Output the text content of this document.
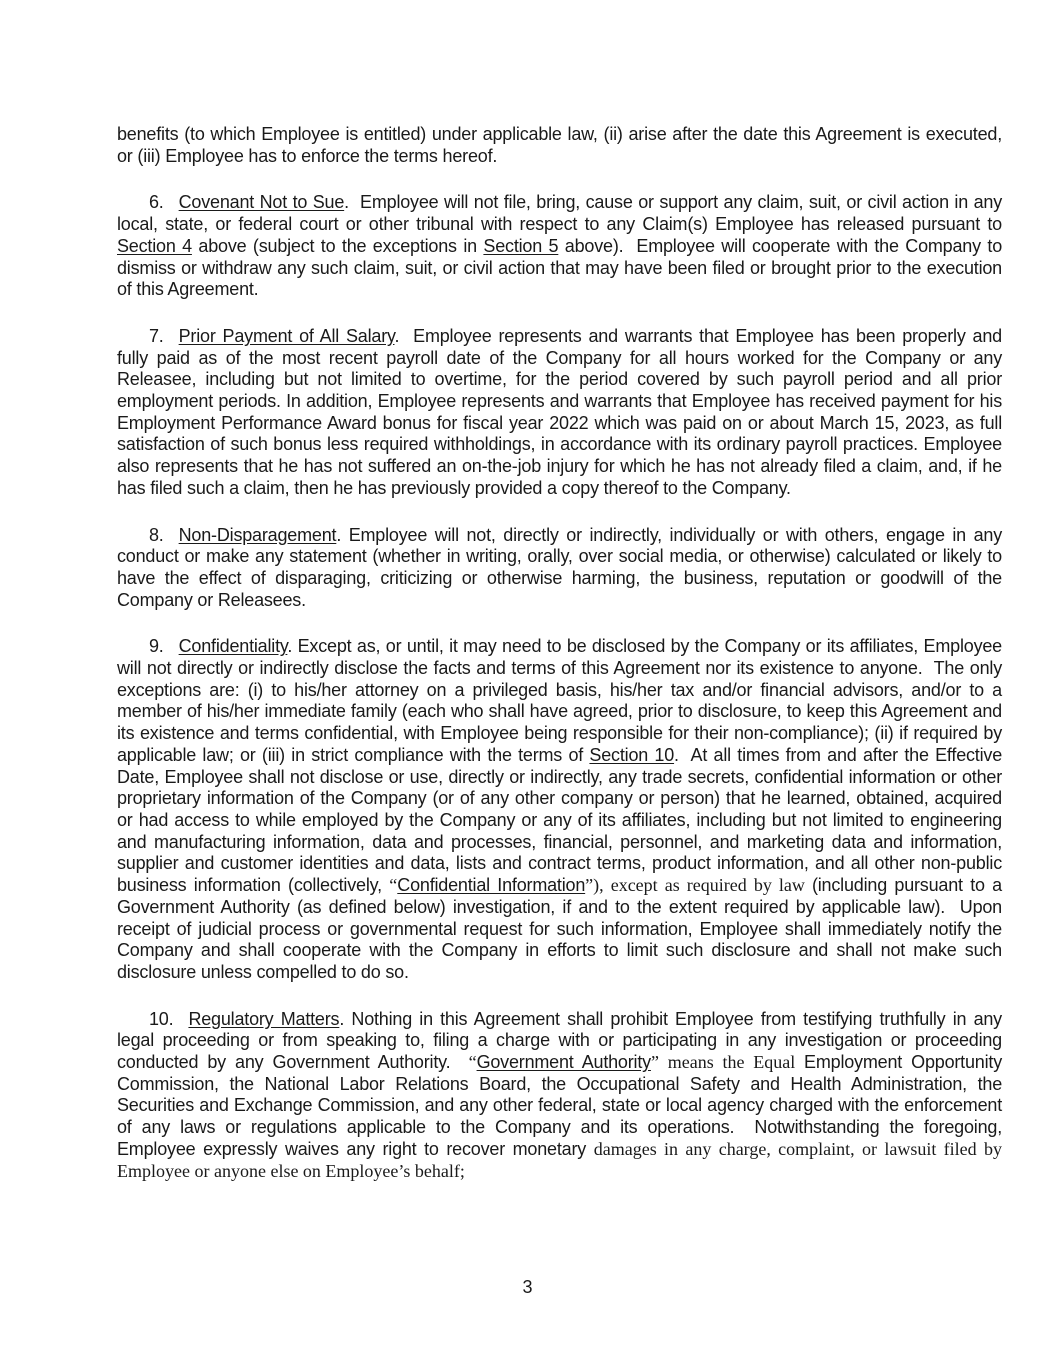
benefits (to which Employee is entitled) under applicable law, (ii) arise after the date this Agreement is executed, or (iii) Employee has to enforce the terms hereof.

6. Covenant Not to Sue.  Employee will not file, bring, cause or support any claim, suit, or civil action in any local, state, or federal court or other tribunal with respect to any Claim(s) Employee has released pursuant to Section 4 above (subject to the exceptions in Section 5 above).  Employee will cooperate with the Company to dismiss or withdraw any such claim, suit, or civil action that may have been filed or brought prior to the execution of this Agreement.

7. Prior Payment of All Salary.  Employee represents and warrants that Employee has been properly and fully paid as of the most recent payroll date of the Company for all hours worked for the Company or any Releasee, including but not limited to overtime, for the period covered by such payroll period and all prior employment periods. In addition, Employee represents and warrants that Employee has received payment for his Employment Performance Award bonus for fiscal year 2022 which was paid on or about March 15, 2023, as full satisfaction of such bonus less required withholdings, in accordance with its ordinary payroll practices. Employee also represents that he has not suffered an on-the-job injury for which he has not already filed a claim, and, if he has filed such a claim, then he has previously provided a copy thereof to the Company.

8. Non-Disparagement. Employee will not, directly or indirectly, individually or with others, engage in any conduct or make any statement (whether in writing, orally, over social media, or otherwise) calculated or likely to have the effect of disparaging, criticizing or otherwise harming, the business, reputation or goodwill of the Company or Releasees.

9. Confidentiality. Except as, or until, it may need to be disclosed by the Company or its affiliates, Employee will not directly or indirectly disclose the facts and terms of this Agreement nor its existence to anyone.  The only exceptions are: (i) to his/her attorney on a privileged basis, his/her tax and/or financial advisors, and/or to a member of his/her immediate family (each who shall have agreed, prior to disclosure, to keep this Agreement and its existence and terms confidential, with Employee being responsible for their non-compliance); (ii) if required by applicable law; or (iii) in strict compliance with the terms of Section 10.  At all times from and after the Effective Date, Employee shall not disclose or use, directly or indirectly, any trade secrets, confidential information or other proprietary information of the Company (or of any other company or person) that he learned, obtained, acquired or had access to while employed by the Company or any of its affiliates, including but not limited to engineering and manufacturing information, data and processes, financial, personnel, and marketing data and information, supplier and customer identities and data, lists and contract terms, product information, and all other non-public business information (collectively, “Confidential Information”), except as required by law (including pursuant to a Government Authority (as defined below) investigation, if and to the extent required by applicable law).  Upon receipt of judicial process or governmental request for such information, Employee shall immediately notify the Company and shall cooperate with the Company in efforts to limit such disclosure and shall not make such disclosure unless compelled to do so.

10. Regulatory Matters. Nothing in this Agreement shall prohibit Employee from testifying truthfully in any legal proceeding or from speaking to, filing a charge with or participating in any investigation or proceeding conducted by any Government Authority.  “Government Authority” means the Equal Employment Opportunity Commission, the National Labor Relations Board, the Occupational Safety and Health Administration, the Securities and Exchange Commission, and any other federal, state or local agency charged with the enforcement of any laws or regulations applicable to the Company and its operations.  Notwithstanding the foregoing, Employee expressly waives any right to recover monetary damages in any charge, complaint, or lawsuit filed by Employee or anyone else on Employee’s behalf;

3
